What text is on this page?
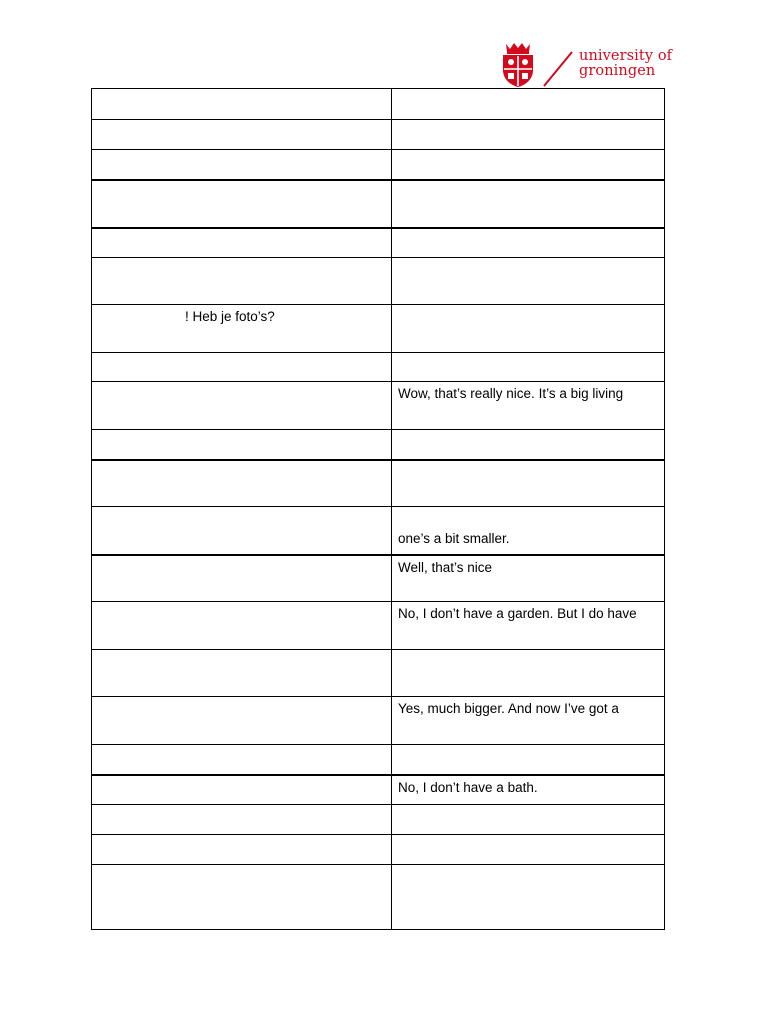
university of
groningen

! Heb je foto’s?	

	Wow, that’s really nice. It’s a big living

	one’s a bit smaller.

	Well, that’s nice

	No, I don’t have a garden. But I do have

	Yes, much bigger. And now I’ve got a

	No, I don’t have a bath.
